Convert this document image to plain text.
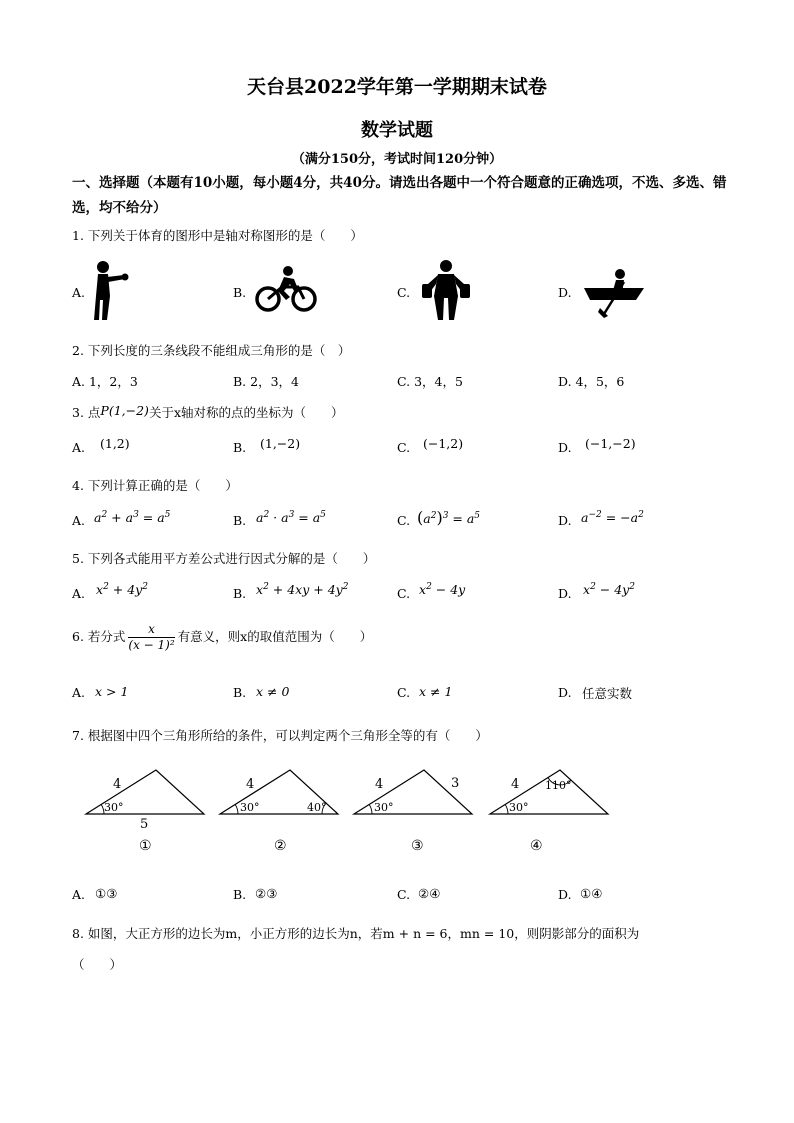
天台县2022学年第一学期期末试卷
数学试题
（满分150分，考试时间120分钟）
一、选择题（本题有10小题，每小题4分，共40分。请选出各题中一个符合题意的正确选项，不选、多选、错选，均不给分）
1. 下列关于体育的图形中是轴对称图形的是（　　）
A.	B.	C.	D.
2. 下列长度的三条线段不能组成三角形的是（　）
A. 1，2，3	B. 2，3，4	C. 3，4，5	D. 4，5，6
3. 点P(1,−2)关于x轴对称的点的坐标为（　　）
A. (1,2)	B. (1,−2)	C. (−1,2)	D. (−1,−2)
4. 下列计算正确的是（　　）
A. $a^2 + a^3 = a^5$	B. $a^2 \cdot a^3 = a^5$	C. $(a^2)^3 = a^5$	D. $a^{-2} = -a^2$
5. 下列各式能用平方差公式进行因式分解的是（　　）
A. $x^2 + 4y^2$	B. $x^2 + 4xy + 4y^2$	C. $x^2 - 4y$	D. $x^2 - 4y^2$
6. 若分式 $\frac{x}{\text{(x − 1)²}}$ 有意义，则x的取值范围为（　　）
A. x > 1	B. x ≠ 0	C. x ≠ 1	D. 任意实数
7. 根据图中四个三角形所给的条件，可以判定两个三角形全等的有（　　）
4
30°
5
①
4
30°	40°
②
4
30°
3
③
4
30°
110°
④
A. ①③	B. ②③	C. ②④	D. ①④
8. 如图，大正方形的边长为m，小正方形的边长为n，若m + n = 6，mn = 10，则阴影部分的面积为
（　　）
